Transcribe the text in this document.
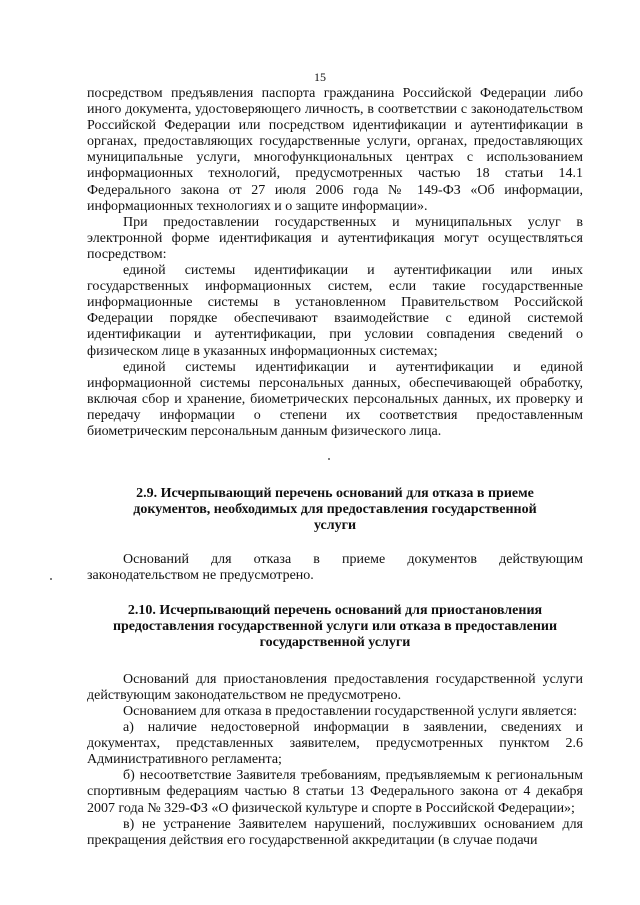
15

посредством предъявления паспорта гражданина Российской Федерации либо иного документа, удостоверяющего личность, в соответствии с законодательством Российской Федерации или посредством идентификации и аутентификации в органах, предоставляющих государственные услуги, органах, предоставляющих муниципальные услуги, многофункциональных центрах с использованием информационных технологий, предусмотренных частью 18 статьи 14.1 Федерального закона от 27 июля 2006 года № 149-ФЗ «Об информации, информационных технологиях и о защите информации».

При предоставлении государственных и муниципальных услуг в электронной форме идентификация и аутентификация могут осуществляться посредством:

единой системы идентификации и аутентификации или иных государственных информационных систем, если такие государственные информационные системы в установленном Правительством Российской Федерации порядке обеспечивают взаимодействие с единой системой идентификации и аутентификации, при условии совпадения сведений о физическом лице в указанных информационных системах;

единой системы идентификации и аутентификации и единой информационной системы персональных данных, обеспечивающей обработку, включая сбор и хранение, биометрических персональных данных, их проверку и передачу информации о степени их соответствия предоставленным биометрическим персональным данным физического лица.

2.9. Исчерпывающий перечень оснований для отказа в приеме документов, необходимых для предоставления государственной услуги

Оснований для отказа в приеме документов действующим законодательством не предусмотрено.

2.10. Исчерпывающий перечень оснований для приостановления предоставления государственной услуги или отказа в предоставлении государственной услуги

Оснований для приостановления предоставления государственной услуги действующим законодательством не предусмотрено.

Основанием для отказа в предоставлении государственной услуги является:

а) наличие недостоверной информации в заявлении, сведениях и документах, представленных заявителем, предусмотренных пунктом 2.6 Административного регламента;

б) несоответствие Заявителя требованиям, предъявляемым к региональным спортивным федерациям частью 8 статьи 13 Федерального закона от 4 декабря 2007 года № 329-ФЗ «О физической культуре и спорте в Российской Федерации»;

в) не устранение Заявителем нарушений, послуживших основанием для прекращения действия его государственной аккредитации (в случае подачи
